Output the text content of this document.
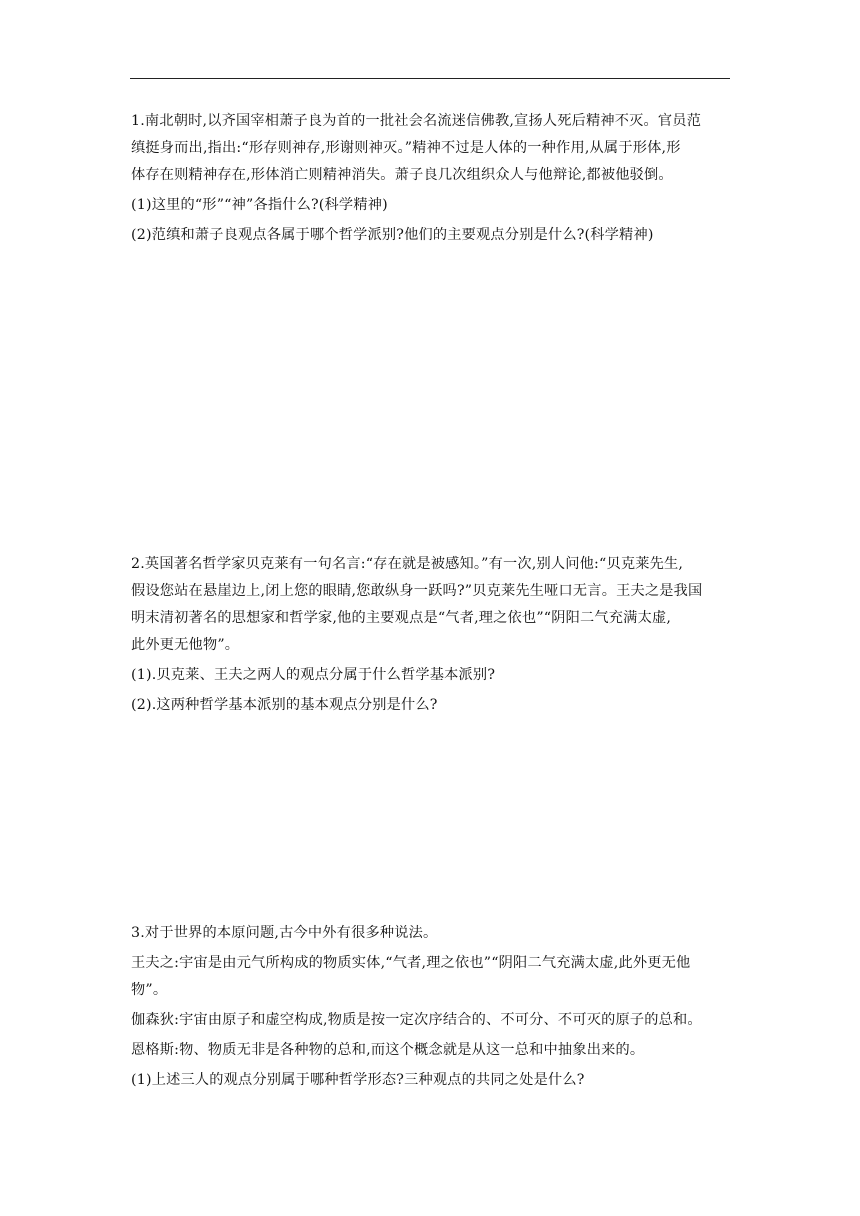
1.南北朝时,以齐国宰相萧子良为首的一批社会名流迷信佛教,宣扬人死后精神不灭。官员范

缜挺身而出,指出:“形存则神存,形谢则神灭。”精神不过是人体的一种作用,从属于形体,形

体存在则精神存在,形体消亡则精神消失。萧子良几次组织众人与他辩论,都被他驳倒。

(1)这里的“形”“神”各指什么?(科学精神)

(2)范缜和萧子良观点各属于哪个哲学派别?他们的主要观点分别是什么?(科学精神)

2.英国著名哲学家贝克莱有一句名言:“存在就是被感知。”有一次,别人问他:“贝克莱先生,

假设您站在悬崖边上,闭上您的眼睛,您敢纵身一跃吗?”贝克莱先生哑口无言。王夫之是我国

明末清初著名的思想家和哲学家,他的主要观点是“气者,理之依也”“阴阳二气充满太虚,

此外更无他物”。

(1).贝克莱、王夫之两人的观点分属于什么哲学基本派别?

(2).这两种哲学基本派别的基本观点分别是什么?

3.对于世界的本原问题,古今中外有很多种说法。

王夫之:宇宙是由元气所构成的物质实体,“气者,理之依也”“阴阳二气充满太虚,此外更无他

物”。

伽森狄:宇宙由原子和虚空构成,物质是按一定次序结合的、不可分、不可灭的原子的总和。

恩格斯:物、物质无非是各种物的总和,而这个概念就是从这一总和中抽象出来的。

(1)上述三人的观点分别属于哪种哲学形态?三种观点的共同之处是什么?
